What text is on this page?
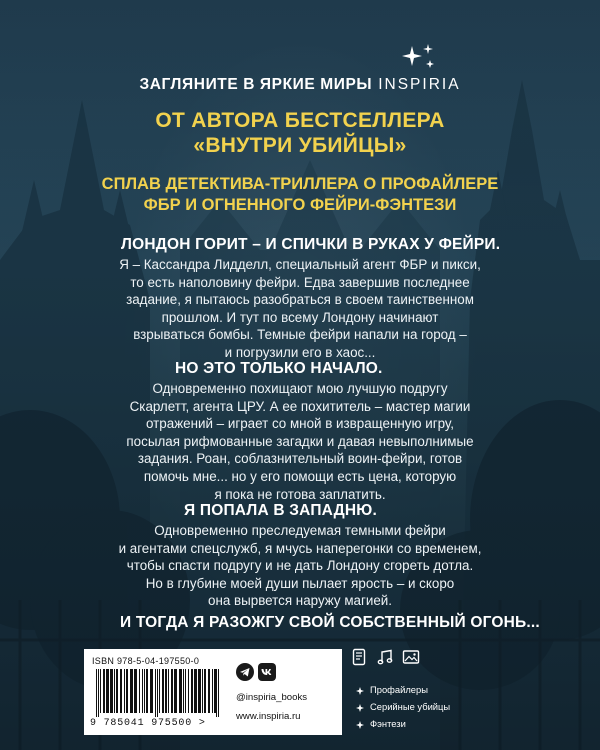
ЗАГЛЯНИТЕ В ЯРКИЕ МИРЫ INSPIRIA
ОТ АВТОРА БЕСТСЕЛЛЕРА
«ВНУТРИ УБИЙЦЫ»
СПЛАВ ДЕТЕКТИВА-ТРИЛЛЕРА О ПРОФАЙЛЕРЕ
ФБР И ОГНЕННОГО ФЕЙРИ-ФЭНТЕЗИ
ЛОНДОН ГОРИТ – И СПИЧКИ В РУКАХ У ФЕЙРИ.
Я – Кассандра Лидделл, специальный агент ФБР и пикси,
то есть наполовину фейри. Едва завершив последнее
задание, я пытаюсь разобраться в своем таинственном
прошлом. И тут по всему Лондону начинают
взрываться бомбы. Темные фейри напали на город –
и погрузили его в хаос...
НО ЭТО ТОЛЬКО НАЧАЛО.
Одновременно похищают мою лучшую подругу
Скарлетт, агента ЦРУ. А ее похититель – мастер магии
отражений – играет со мной в извращенную игру,
посылая рифмованные загадки и давая невыполнимые
задания. Роан, соблазнительный воин-фейри, готов
помочь мне... но у его помощи есть цена, которую
я пока не готова заплатить.
Я ПОПАЛА В ЗАПАДНЮ.
Одновременно преследуемая темными фейри
и агентами спецслужб, я мчусь наперегонки со временем,
чтобы спасти подругу и не дать Лондону сгореть дотла.
Но в глубине моей души пылает ярость – и скоро
она вырвется наружу магией.
И ТОГДА Я РАЗОЖГУ СВОЙ СОБСТВЕННЫЙ ОГОНЬ...
ISBN 978-5-04-197550-0
9 785041 975500 >
@inspiria_books
www.inspiria.ru
Профайлеры
Серийные убийцы
Фэнтези
